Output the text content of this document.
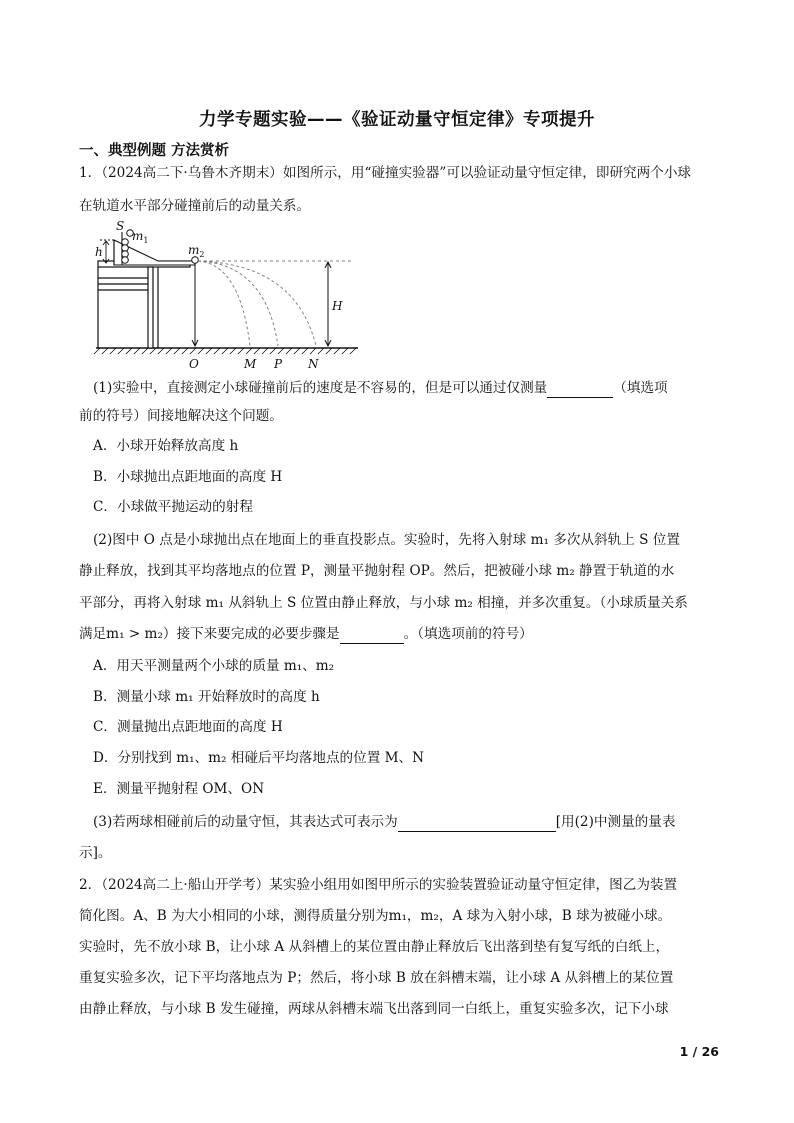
力学专题实验——《验证动量守恒定律》专项提升
一、典型例题 方法赏析
1．（2024高二下·乌鲁木齐期末）如图所示，用“碰撞实验器”可以验证动量守恒定律，即研究两个小球
在轨道水平部分碰撞前后的动量关系。
S
$m_1$
$m_2$
h
H
O	M P N
(1)实验中，直接测定小球碰撞前后的速度是不容易的，但是可以通过仅测量	（填选项
前的符号）间接地解决这个问题。
A．小球开始释放高度 h
B．小球抛出点距地面的高度 H
C．小球做平抛运动的射程
(2)图中 O 点是小球抛出点在地面上的垂直投影点。实验时，先将入射球 m₁ 多次从斜轨上 S 位置
静止释放，找到其平均落地点的位置 P，测量平抛射程 OP。然后，把被碰小球 m₂ 静置于轨道的水
平部分，再将入射球 m₁ 从斜轨上 S 位置由静止释放，与小球 m₂ 相撞，并多次重复。（小球质量关系
满足m₁ > m₂）接下来要完成的必要步骤是	。（填选项前的符号）
A．用天平测量两个小球的质量 m₁、m₂
B．测量小球 m₁ 开始释放时的高度 h
C．测量抛出点距地面的高度 H
D．分别找到 m₁、m₂ 相碰后平均落地点的位置 M、N
E．测量平抛射程 OM、ON
(3)若两球相碰前后的动量守恒，其表达式可表示为	[用(2)中测量的量表
示]。
2．（2024高二上·船山开学考）某实验小组用如图甲所示的实验装置验证动量守恒定律，图乙为装置
简化图。A、B 为大小相同的小球，测得质量分别为m₁，m₂，A 球为入射小球，B 球为被碰小球。
实验时，先不放小球 B，让小球 A 从斜槽上的某位置由静止释放后飞出落到垫有复写纸的白纸上，
重复实验多次，记下平均落地点为 P；然后，将小球 B 放在斜槽末端，让小球 A 从斜槽上的某位置
由静止释放，与小球 B 发生碰撞，两球从斜槽末端飞出落到同一白纸上，重复实验多次，记下小球
1 / 26
